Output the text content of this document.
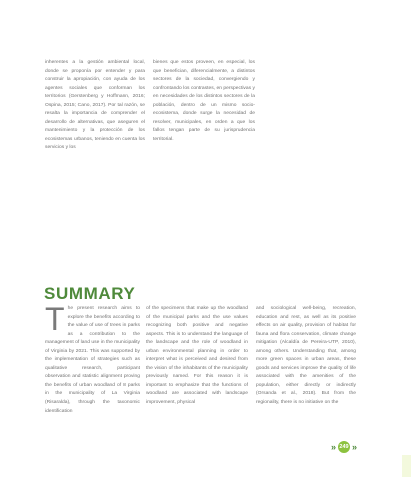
inherentes a la gestión ambiental local, donde se proponía por entender y para construir la apropiación, con ayuda de los agentes sociales que conforman los territorios (Gerstenberg y Hoffmann, 2016; Ospina, 2015; Cano, 2017). Por tal razón, se resalta la importancia de comprender el desarrollo de alternativas, que aseguren el mantenimiento y la protección de los ecosistemas urbanos, teniendo en cuenta los servicios y los

bienes que estos proveen, en especial, los que benefician, diferencialmente, a distintos sectores de la sociedad, convergiendo y confrontando los contrastes, en perspectivas y en necesidades de los distintos sectores de la población, dentro de un mismo socio-ecosistema, donde surge la necesidad de resolver, municipales, en orden a que los fallos tengan parte de su jurisprudencia territorial.

SUMMARY

The present research aims to explore the benefits according to the value of use of trees in parks as a contribution to the management of land use in the municipality of Virginia by 2021. This was supported by the implementation of strategies such as qualitative research, participant observation and statistic alignment proving the benefits of urban woodland of 8 parks in the municipality of La Virginia (Risaralda), through the taxonomic identification

of the specimens that make up the woodland of the municipal parks and the use values recognizing both positive and negative aspects. This is to understand the language of the landscape and the role of woodland in urban environmental planning in order to interpret what is perceived and desired from the vision of the inhabitants of the municipality previously named. For this reason it is important to emphasize that the functions of woodland are associated with landscape improvement, physical

and sociological well-being, recreation, education and rest, as well as its positive effects on air quality, provision of habitat for fauna and flora conservation, climate change mitigation (Alcaldía de Pereira-UTP, 2010), among others. Understanding that, among more green spaces in urban areas, these goods and services improve the quality of life associated with the amenities of the population, either directly or indirectly (Orsanda et al., 2018). But from the regionality, there is no initiative on the

» 249 »
